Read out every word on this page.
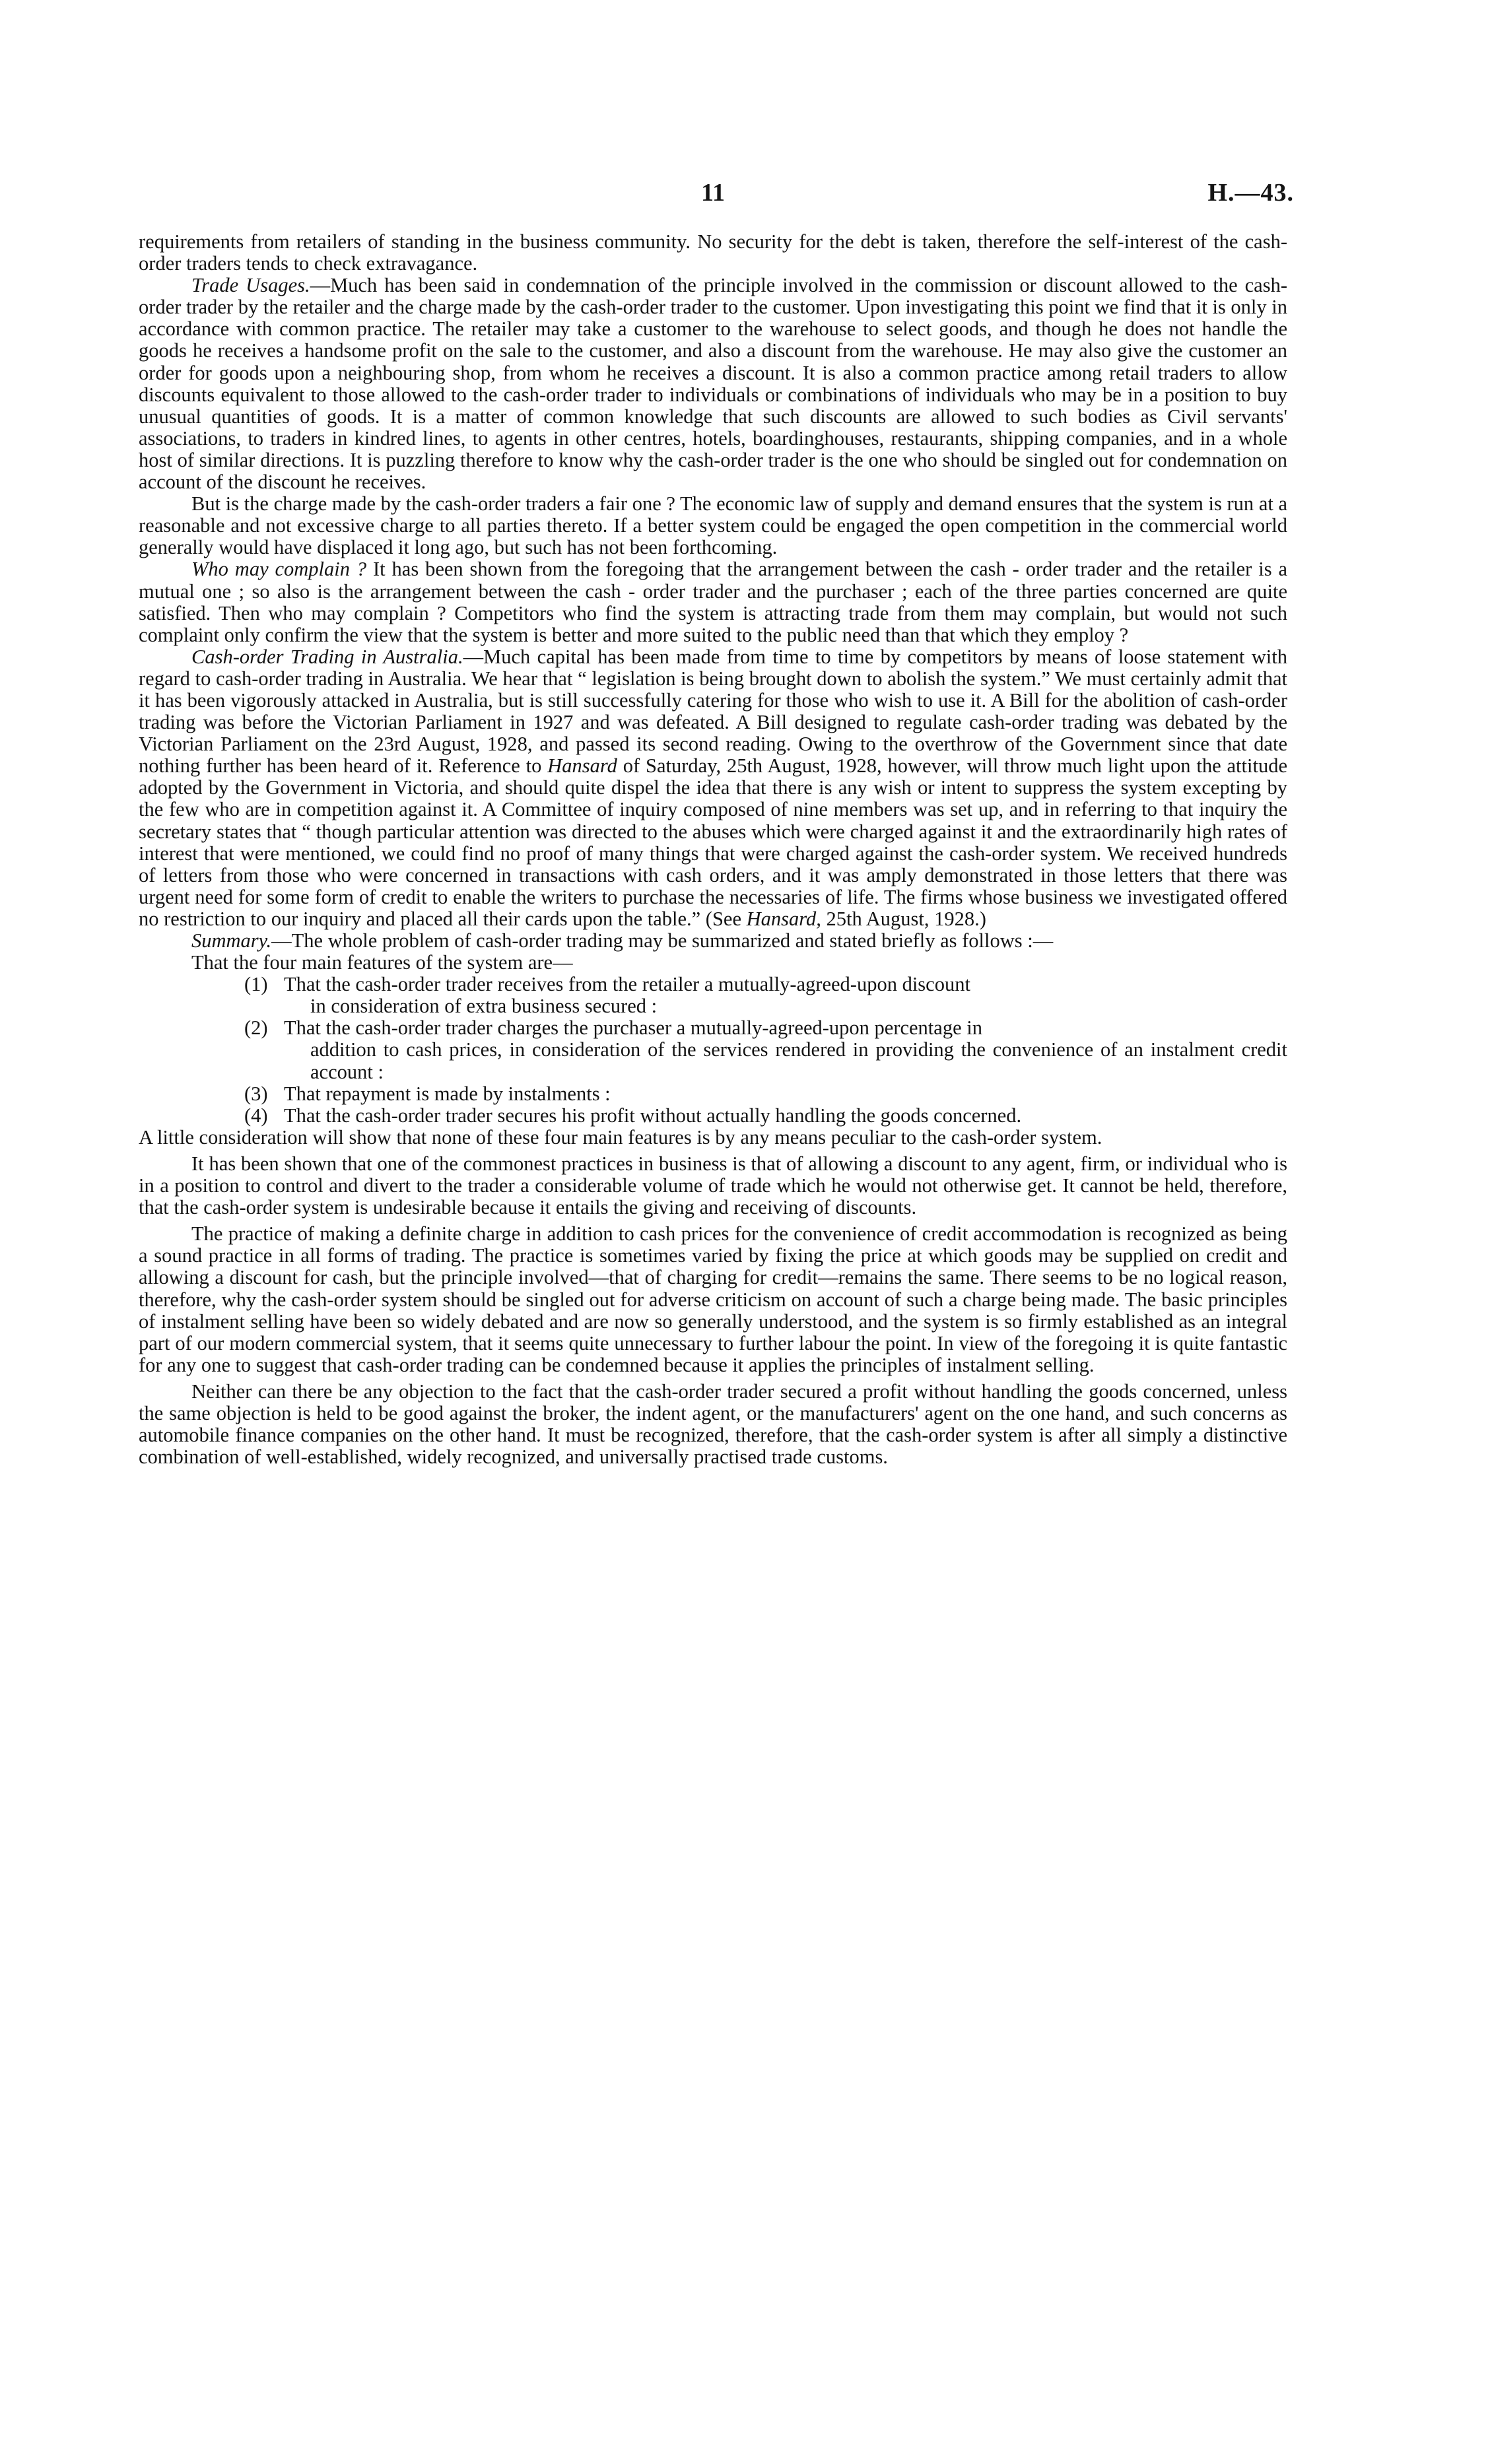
11	H.—43.

requirements from retailers of standing in the business community. No security for the debt is taken, therefore the self-interest of the cash-order traders tends to check extravagance.

Trade Usages.—Much has been said in condemnation of the principle involved in the commission or discount allowed to the cash-order trader by the retailer and the charge made by the cash-order trader to the customer. Upon investigating this point we find that it is only in accordance with common practice. The retailer may take a customer to the warehouse to select goods, and though he does not handle the goods he receives a handsome profit on the sale to the customer, and also a discount from the warehouse. He may also give the customer an order for goods upon a neighbouring shop, from whom he receives a discount. It is also a common practice among retail traders to allow discounts equivalent to those allowed to the cash-order trader to individuals or combinations of individuals who may be in a position to buy unusual quantities of goods. It is a matter of common knowledge that such discounts are allowed to such bodies as Civil servants' associations, to traders in kindred lines, to agents in other centres, hotels, boardinghouses, restaurants, shipping companies, and in a whole host of similar directions. It is puzzling therefore to know why the cash-order trader is the one who should be singled out for condemnation on account of the discount he receives.

But is the charge made by the cash-order traders a fair one ? The economic law of supply and demand ensures that the system is run at a reasonable and not excessive charge to all parties thereto. If a better system could be engaged the open competition in the commercial world generally would have displaced it long ago, but such has not been forthcoming.

Who may complain ? It has been shown from the foregoing that the arrangement between the cash - order trader and the retailer is a mutual one ; so also is the arrangement between the cash - order trader and the purchaser ; each of the three parties concerned are quite satisfied. Then who may complain ? Competitors who find the system is attracting trade from them may complain, but would not such complaint only confirm the view that the system is better and more suited to the public need than that which they employ ?

Cash-order Trading in Australia.—Much capital has been made from time to time by competitors by means of loose statement with regard to cash-order trading in Australia. We hear that “ legislation is being brought down to abolish the system.” We must certainly admit that it has been vigorously attacked in Australia, but is still successfully catering for those who wish to use it. A Bill for the abolition of cash-order trading was before the Victorian Parliament in 1927 and was defeated. A Bill designed to regulate cash-order trading was debated by the Victorian Parliament on the 23rd August, 1928, and passed its second reading. Owing to the overthrow of the Government since that date nothing further has been heard of it. Reference to Hansard of Saturday, 25th August, 1928, however, will throw much light upon the attitude adopted by the Government in Victoria, and should quite dispel the idea that there is any wish or intent to suppress the system excepting by the few who are in competition against it. A Committee of inquiry composed of nine members was set up, and in referring to that inquiry the secretary states that “ though particular attention was directed to the abuses which were charged against it and the extraordinarily high rates of interest that were mentioned, we could find no proof of many things that were charged against the cash-order system. We received hundreds of letters from those who were concerned in transactions with cash orders, and it was amply demonstrated in those letters that there was urgent need for some form of credit to enable the writers to purchase the necessaries of life. The firms whose business we investigated offered no restriction to our inquiry and placed all their cards upon the table.” (See Hansard, 25th August, 1928.)

Summary.—The whole problem of cash-order trading may be summarized and stated briefly as follows :—

That the four main features of the system are—

(1) That the cash-order trader receives from the retailer a mutually-agreed-upon discount
in consideration of extra business secured :
(2) That the cash-order trader charges the purchaser a mutually-agreed-upon percentage in
addition to cash prices, in consideration of the services rendered in providing the convenience of an instalment credit account :
(3) That repayment is made by instalments :
(4) That the cash-order trader secures his profit without actually handling the goods concerned.

A little consideration will show that none of these four main features is by any means peculiar to the cash-order system.

It has been shown that one of the commonest practices in business is that of allowing a discount to any agent, firm, or individual who is in a position to control and divert to the trader a considerable volume of trade which he would not otherwise get. It cannot be held, therefore, that the cash-order system is undesirable because it entails the giving and receiving of discounts.

The practice of making a definite charge in addition to cash prices for the convenience of credit accommodation is recognized as being a sound practice in all forms of trading. The practice is sometimes varied by fixing the price at which goods may be supplied on credit and allowing a discount for cash, but the principle involved—that of charging for credit—remains the same. There seems to be no logical reason, therefore, why the cash-order system should be singled out for adverse criticism on account of such a charge being made. The basic principles of instalment selling have been so widely debated and are now so generally understood, and the system is so firmly established as an integral part of our modern commercial system, that it seems quite unnecessary to further labour the point. In view of the foregoing it is quite fantastic for any one to suggest that cash-order trading can be condemned because it applies the principles of instalment selling.

Neither can there be any objection to the fact that the cash-order trader secured a profit without handling the goods concerned, unless the same objection is held to be good against the broker, the indent agent, or the manufacturers' agent on the one hand, and such concerns as automobile finance companies on the other hand. It must be recognized, therefore, that the cash-order system is after all simply a distinctive combination of well-established, widely recognized, and universally practised trade customs.
